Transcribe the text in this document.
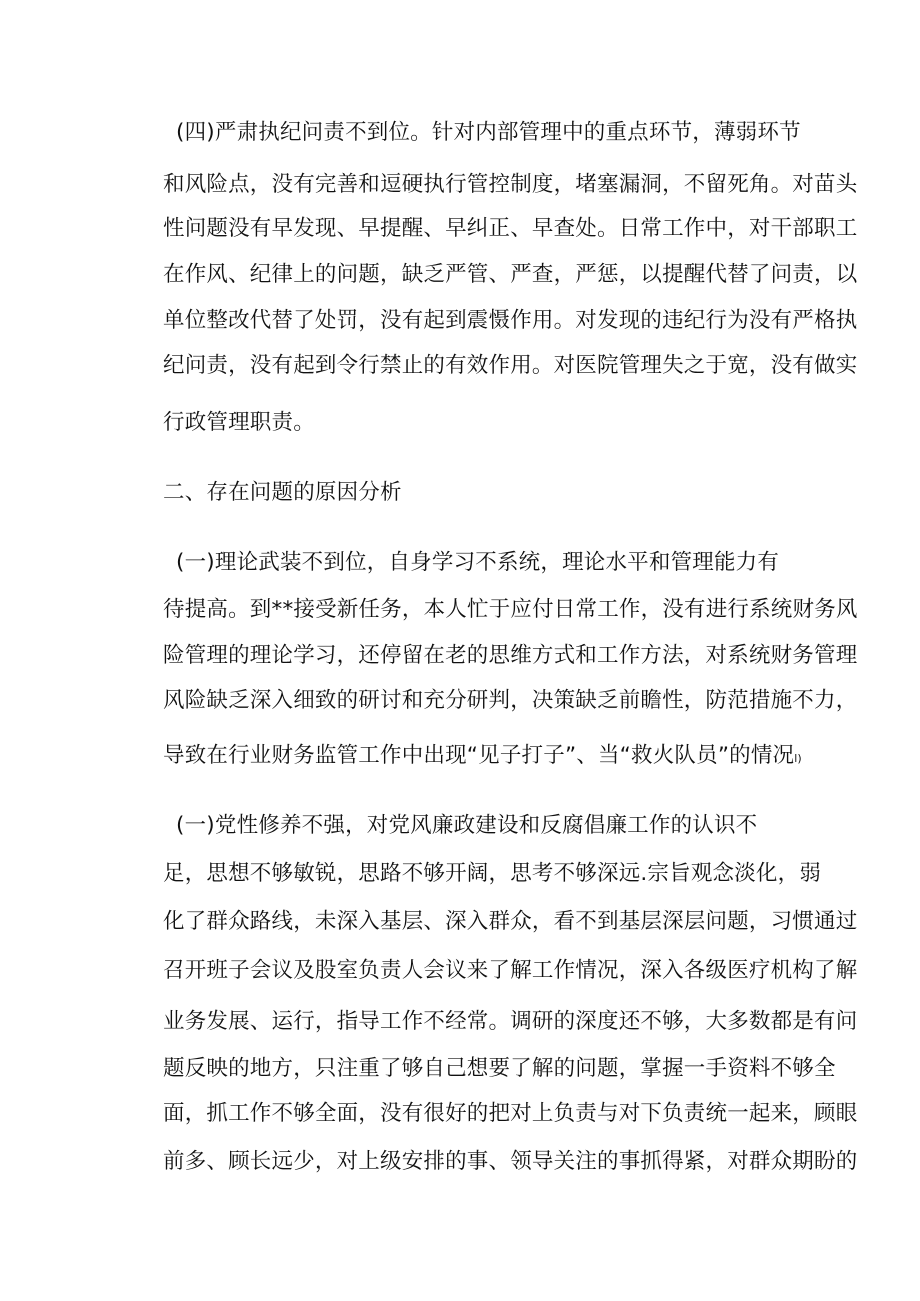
(四)严肃执纪问责不到位。针对内部管理中的重点环节，薄弱环节
和风险点，没有完善和逗硬执行管控制度，堵塞漏洞，不留死角。对苗头
性问题没有早发现、早提醒、早纠正、早查处。日常工作中，对干部职工
在作风、纪律上的问题，缺乏严管、严查，严惩，以提醒代替了问责，以
单位整改代替了处罚，没有起到震慑作用。对发现的违纪行为没有严格执
纪问责，没有起到令行禁止的有效作用。对医院管理失之于宽，没有做实
行政管理职责。
二、存在问题的原因分析
(一)理论武装不到位，自身学习不系统，理论水平和管理能力有
待提高。到**接受新任务，本人忙于应付日常工作，没有进行系统财务风
险管理的理论学习，还停留在老的思维方式和工作方法，对系统财务管理
风险缺乏深入细致的研讨和充分研判，决策缺乏前瞻性，防范措施不力，
导致在行业财务监管工作中出现“见子打子”、当“救火队员”的情况l)
(一)党性修养不强，对党风廉政建设和反腐倡廉工作的认识不
足，思想不够敏锐，思路不够开阔，思考不够深远.宗旨观念淡化，弱
化了群众路线，未深入基层、深入群众，看不到基层深层问题，习惯通过
召开班子会议及股室负责人会议来了解工作情况，深入各级医疗机构了解
业务发展、运行，指导工作不经常。调研的深度还不够，大多数都是有问
题反映的地方，只注重了够自己想要了解的问题，掌握一手资料不够全
面，抓工作不够全面，没有很好的把对上负责与对下负责统一起来，顾眼
前多、顾长远少，对上级安排的事、领导关注的事抓得紧，对群众期盼的
